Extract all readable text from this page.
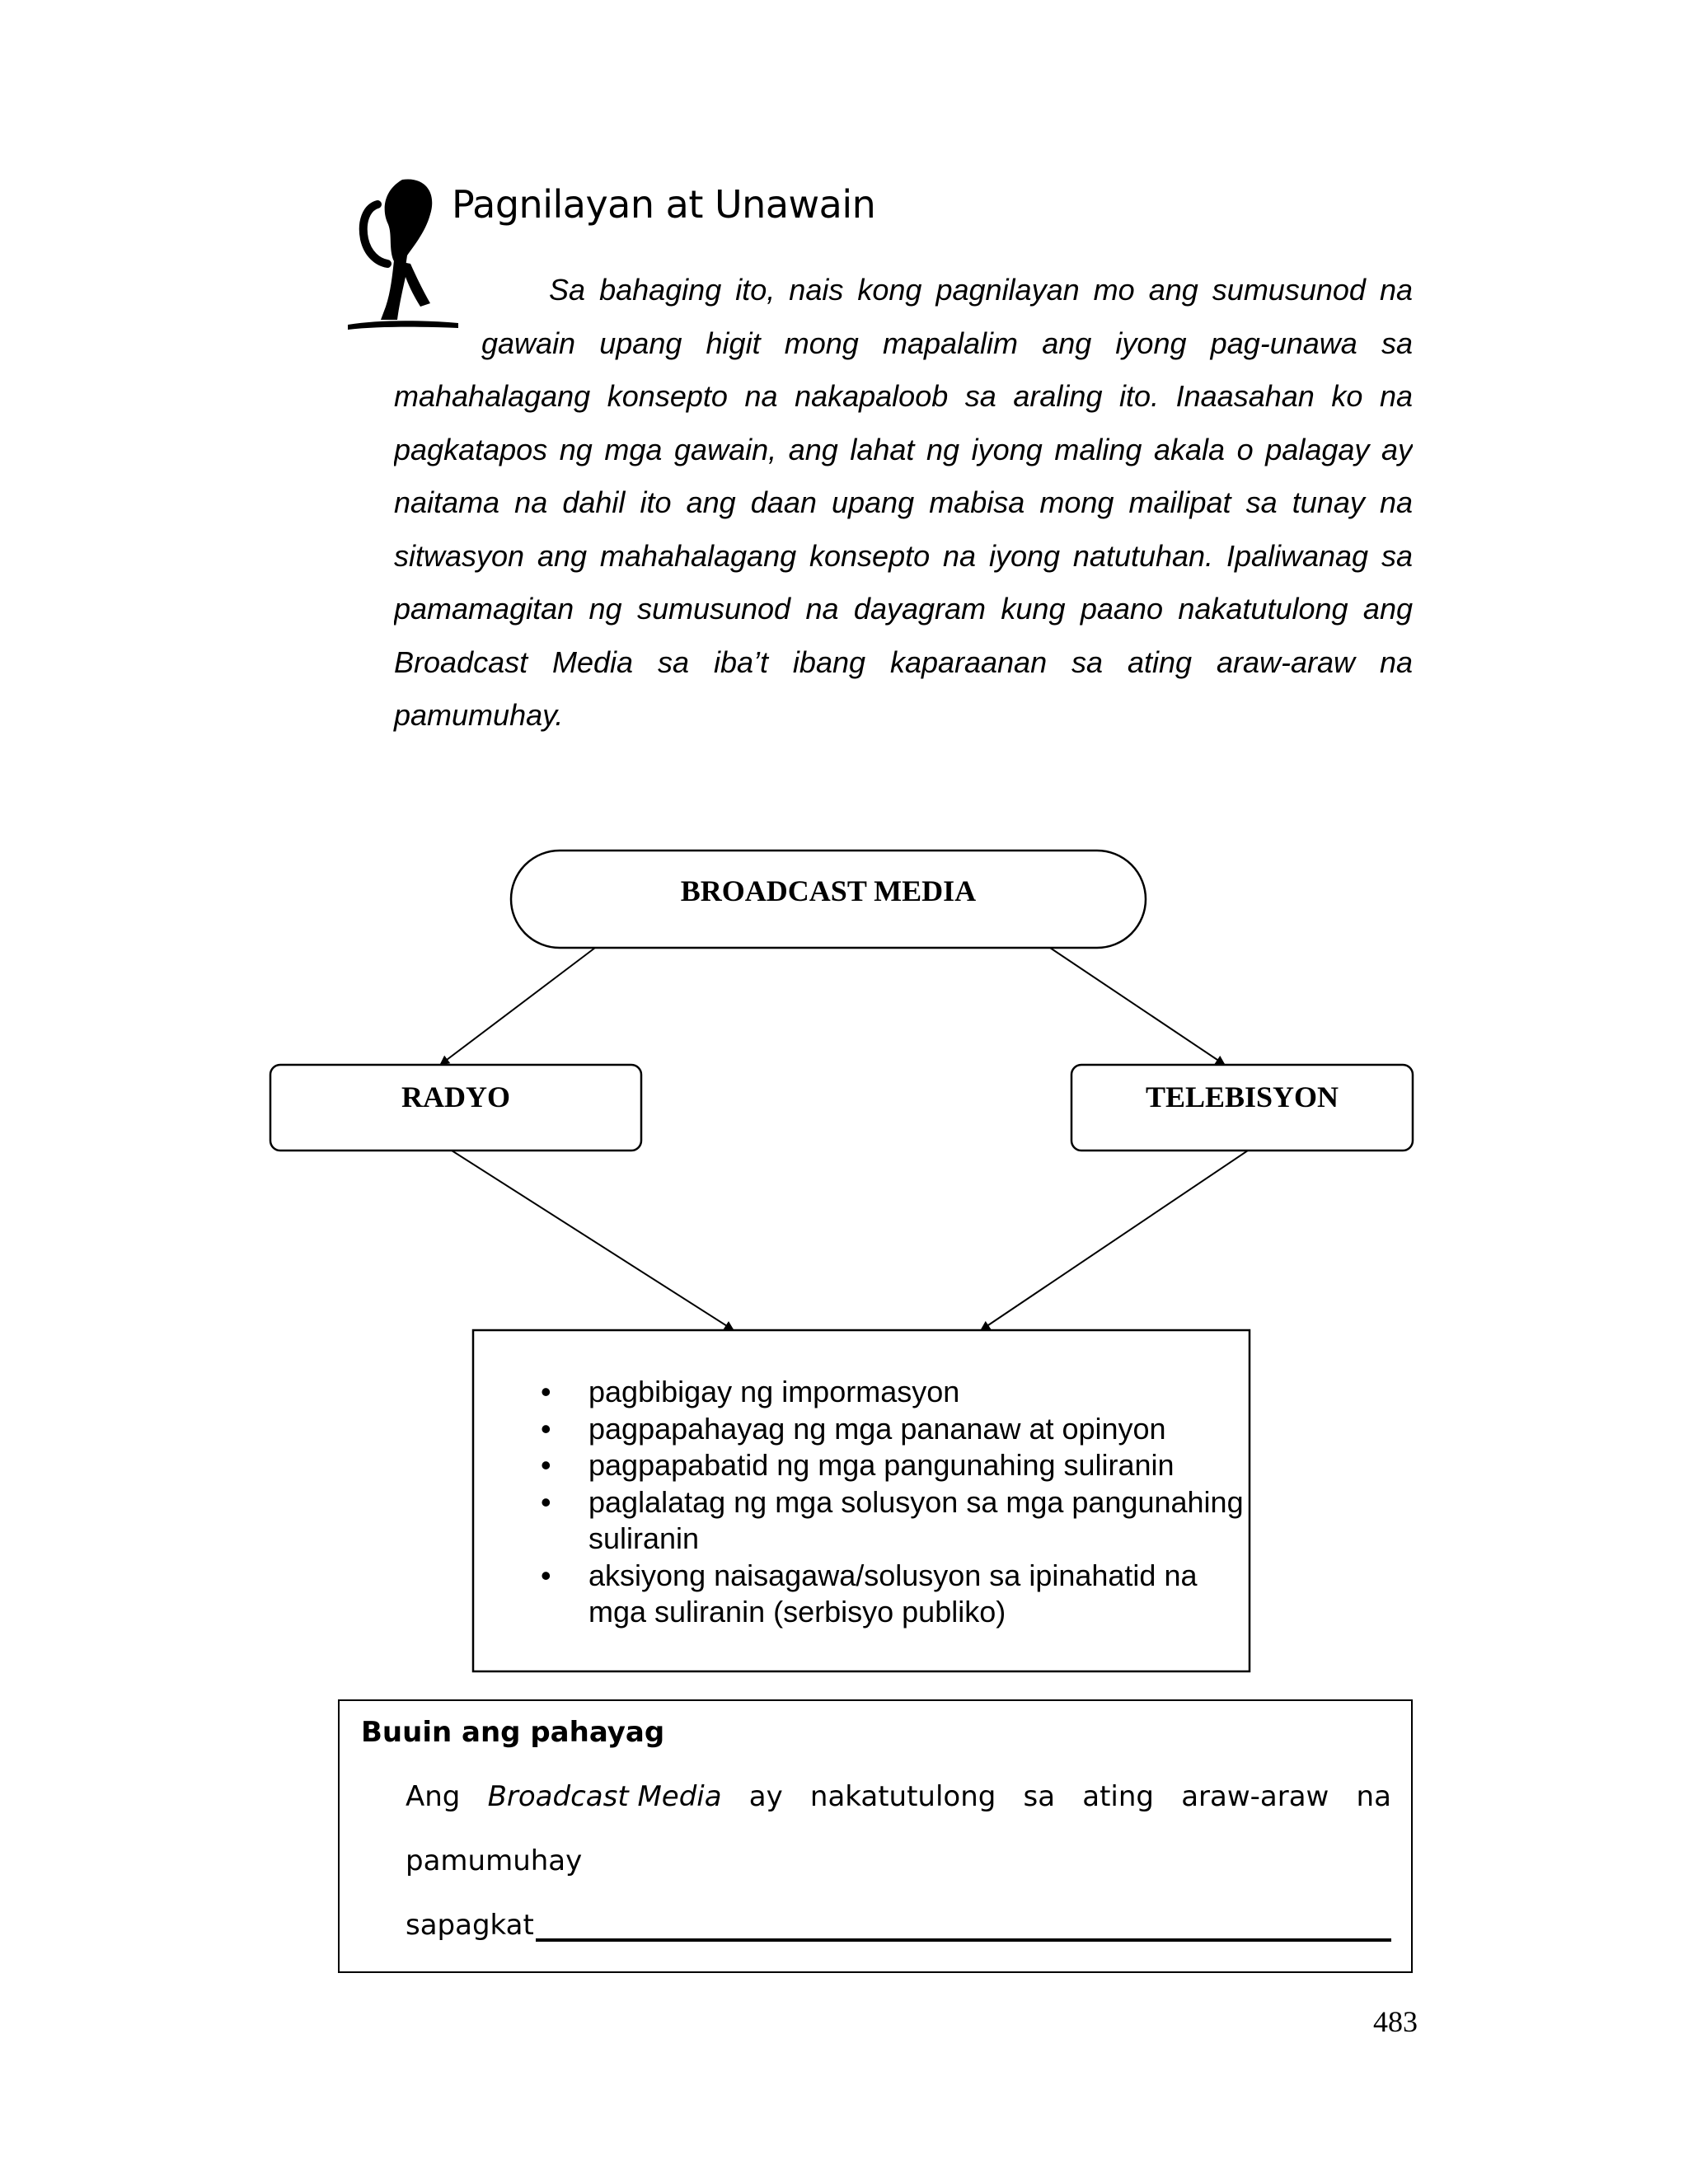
Pagnilayan at Unawain
Sa bahaging ito, nais kong pagnilayan mo ang sumusunod na
gawain upang higit mong mapalalim ang iyong pag-unawa sa
mahahalagang konsepto na nakapaloob sa araling ito. Inaasahan ko na
pagkatapos ng mga gawain, ang lahat ng iyong maling akala o palagay ay
naitama na dahil ito ang daan upang mabisa mong mailipat sa tunay na
sitwasyon ang mahahalagang konsepto na iyong natutuhan. Ipaliwanag sa
pamamagitan ng sumusunod na dayagram kung paano nakatutulong ang
Broadcast Media sa iba’t ibang kaparaanan sa ating araw-araw na
pamumuhay.
BROADCAST MEDIA
RADYO	TELEBISYON
• pagbibigay ng impormasyon
• pagpapahayag ng mga pananaw at opinyon
• pagpapabatid ng mga pangunahing suliranin
• paglalatag ng mga solusyon sa mga pangunahing suliranin
• aksiyong naisagawa/solusyon sa ipinahatid na mga suliranin (serbisyo publiko)
Buuin ang pahayag
Ang Broadcast Media ay nakatutulong sa ating araw-araw na
pamumuhay
sapagkat
483
